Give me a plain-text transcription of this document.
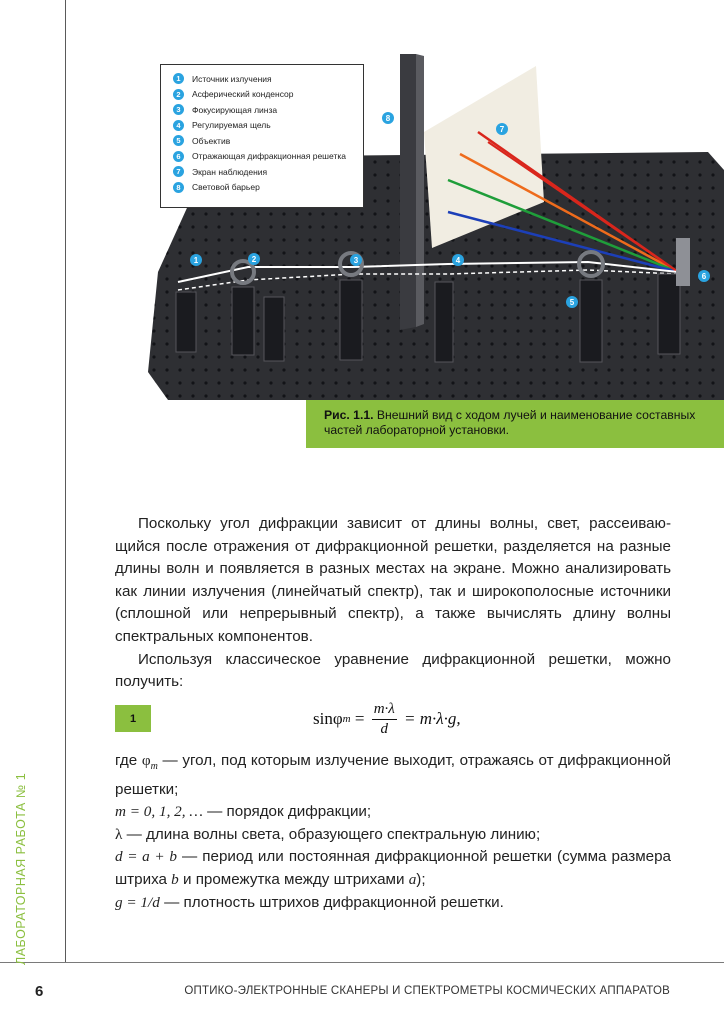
ЛАБОРАТОРНАЯ РАБОТА № 1
6	ОПТИКО-ЭЛЕКТРОННЫЕ СКАНЕРЫ И СПЕКТРОМЕТРЫ КОСМИЧЕСКИХ АППАРАТОВ
1	2	3	4
5
6
7
8
1	Источник излучения
2	Асферический конденсор
3	Фокусирующая линза
4	Регулируемая щель
5	Объектив
6	Отражающая дифракционная решетка
7	Экран наблюдения
8	Световой барьер
Рис. 1.1. Внешний вид с ходом лучей и наименование составных частей лабораторной установки.

Поскольку угол дифракции зависит от длины волны, свет, рассеивающийся после отражения от дифракционной решетки, разделяется на разные длины волн и появляется в разных местах на экране. Можно анализировать как линии излучения (линейчатый спектр), так и широкополосные источники (сплошной или непрерывный спектр), а также вычислять длину волны спектральных компонентов.

Используя классическое уравнение дифракционной решетки, можно получить:

1	sinφ $m = \frac{m\cdot\lambda}{d} = m\cdot\lambda\cdot g$,

где $\varphi_m$ — угол, под которым излучение выходит, отражаясь от дифракционной решетки;

m = 0, 1, 2, … — порядок дифракции;

λ — длина волны света, образующего спектральную линию;

d = a + b — период или постоянная дифракционной решетки (сумма размера штриха b и промежутка между штрихами a);

g = 1/d — плотность штрихов дифракционной решетки.
